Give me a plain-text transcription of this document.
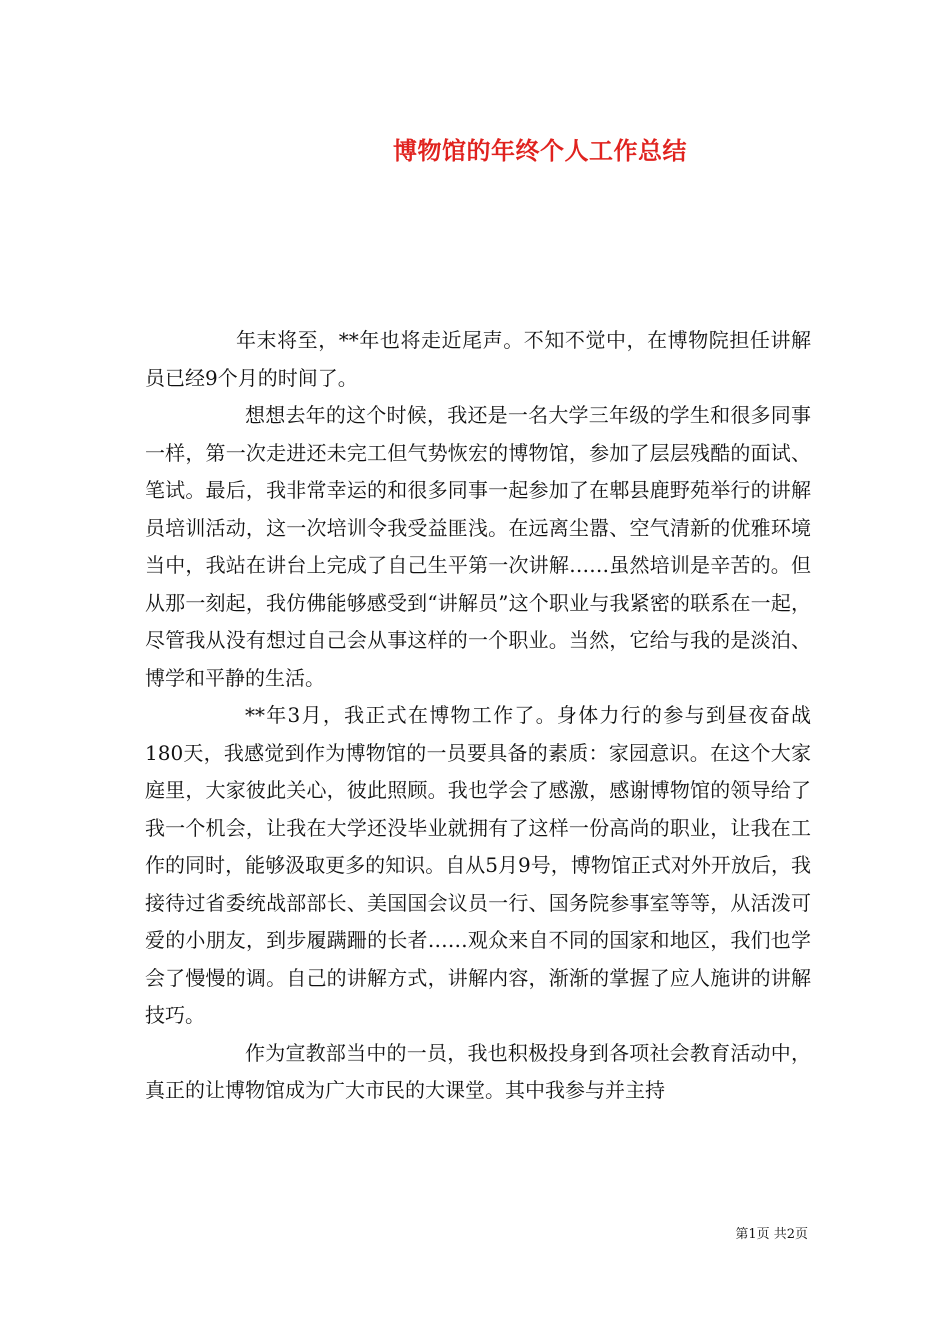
博物馆的年终个人工作总结

年末将至，**年也将走近尾声。不知不觉中，在博物院担任讲解员已经9个月的时间了。

想想去年的这个时候，我还是一名大学三年级的学生和很多同事一样，第一次走进还未完工但气势恢宏的博物馆，参加了层层残酷的面试、笔试。最后，我非常幸运的和很多同事一起参加了在郫县鹿野苑举行的讲解员培训活动，这一次培训令我受益匪浅。在远离尘嚣、空气清新的优雅环境当中，我站在讲台上完成了自己生平第一次讲解……虽然培训是辛苦的。但从那一刻起，我仿佛能够感受到“讲解员”这个职业与我紧密的联系在一起，尽管我从没有想过自己会从事这样的一个职业。当然，它给与我的是淡泊、博学和平静的生活。

**年3月，我正式在博物工作了。身体力行的参与到昼夜奋战180天，我感觉到作为博物馆的一员要具备的素质：家园意识。在这个大家庭里，大家彼此关心，彼此照顾。我也学会了感激，感谢博物馆的领导给了我一个机会，让我在大学还没毕业就拥有了这样一份高尚的职业，让我在工作的同时，能够汲取更多的知识。自从5月9号，博物馆正式对外开放后，我接待过省委统战部部长、美国国会议员一行、国务院参事室等等，从活泼可爱的小朋友，到步履蹒跚的长者……观众来自不同的国家和地区，我们也学会了慢慢的调。自己的讲解方式，讲解内容，渐渐的掌握了应人施讲的讲解技巧。

作为宣教部当中的一员，我也积极投身到各项社会教育活动中，真正的让博物馆成为广大市民的大课堂。其中我参与并主持

第1页 共2页
